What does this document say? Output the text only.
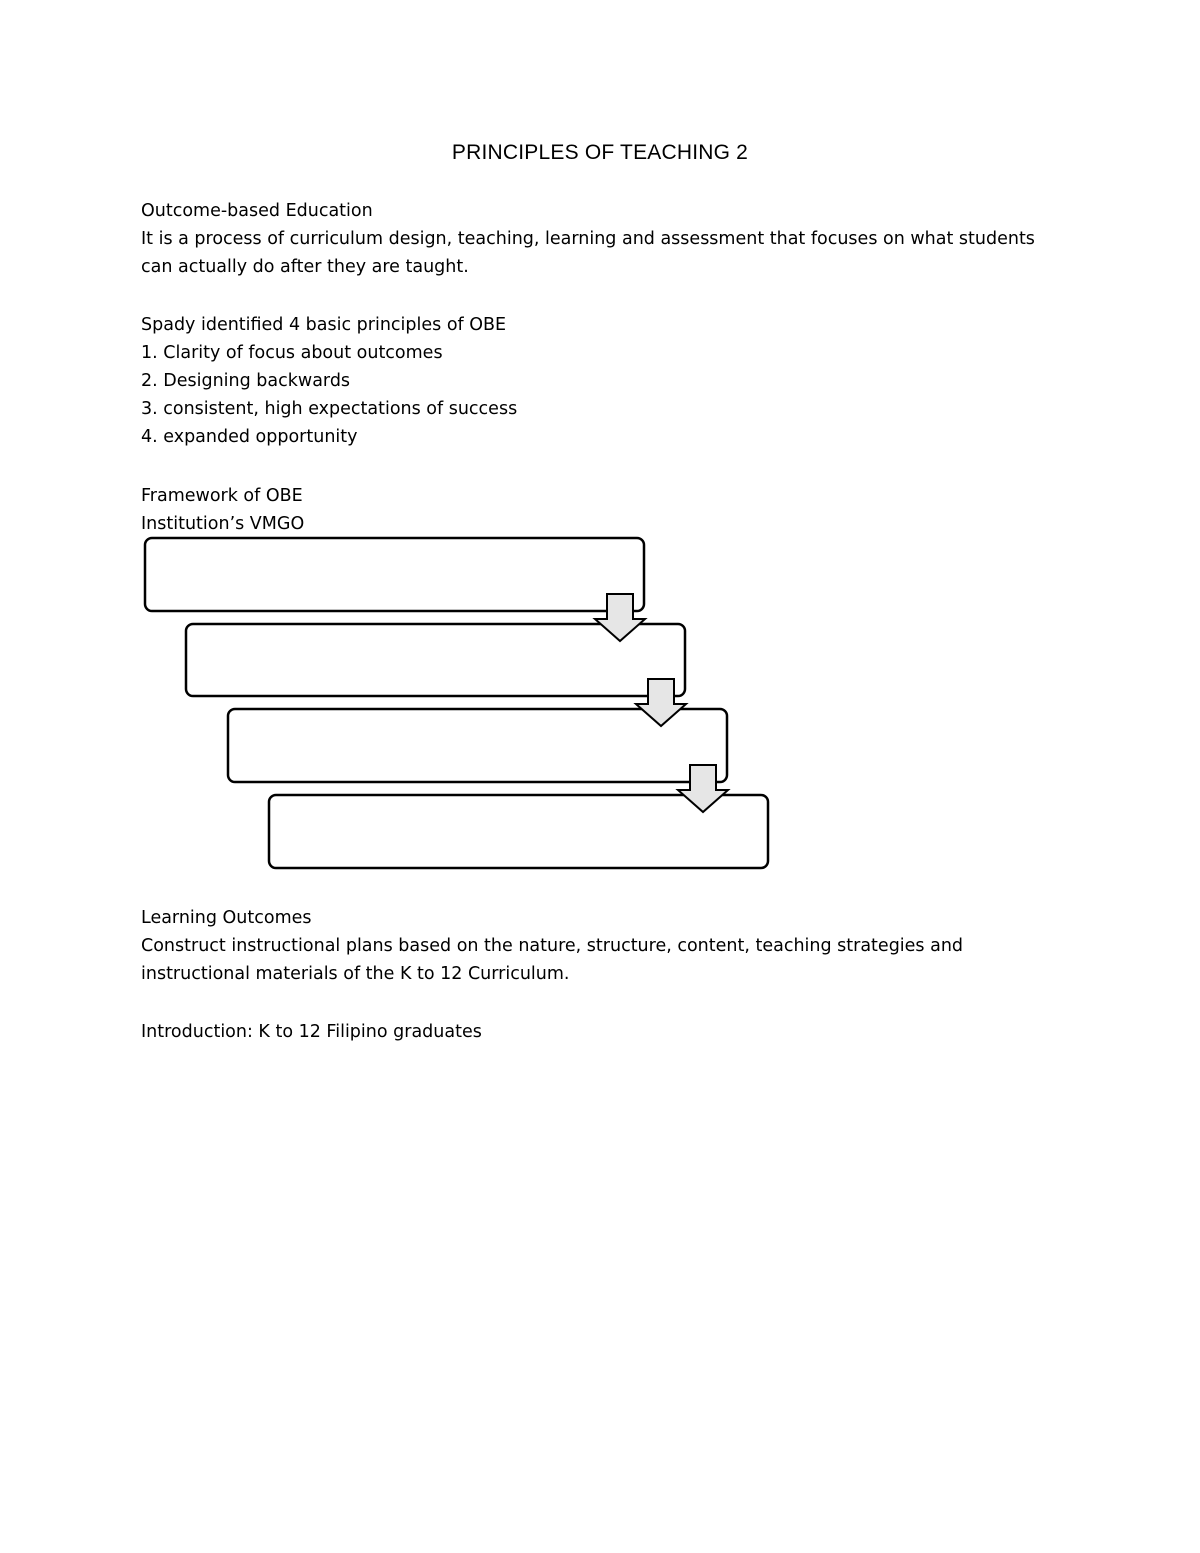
PRINCIPLES OF TEACHING 2
Outcome-based Education
It is a process of curriculum design, teaching, learning and assessment that focuses on what students
can actually do after they are taught.
Spady identified 4 basic principles of OBE
1. Clarity of focus about outcomes
2. Designing backwards
3. consistent, high expectations of success
4. expanded opportunity
Framework of OBE
Institution’s VMGO
Learning Outcomes
Construct instructional plans based on the nature, structure, content, teaching strategies and
instructional materials of the K to 12 Curriculum.
Introduction: K to 12 Filipino graduates
